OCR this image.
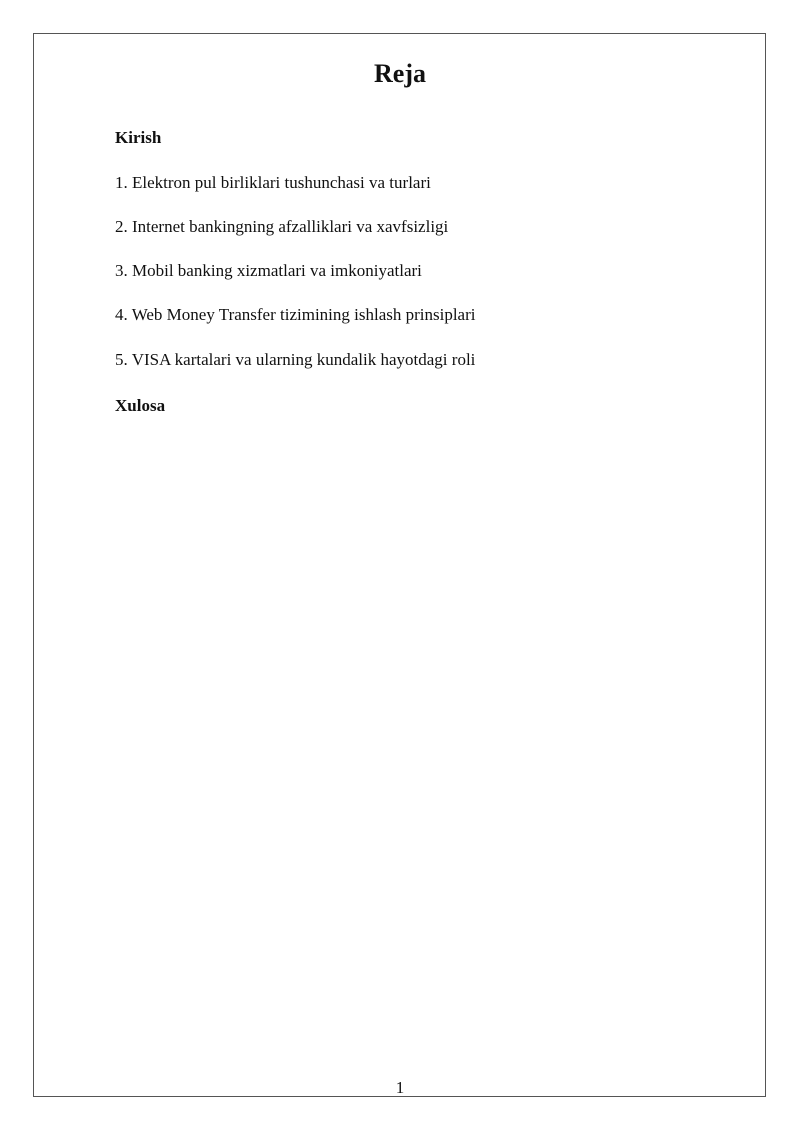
Reja
Kirish
1. Elektron pul birliklari tushunchasi va turlari
2. Internet bankingning afzalliklari va xavfsizligi
3. Mobil banking xizmatlari va imkoniyatlari
4. Web Money Transfer tizimining ishlash prinsiplari
5. VISA kartalari va ularning kundalik hayotdagi roli
Xulosa
1
